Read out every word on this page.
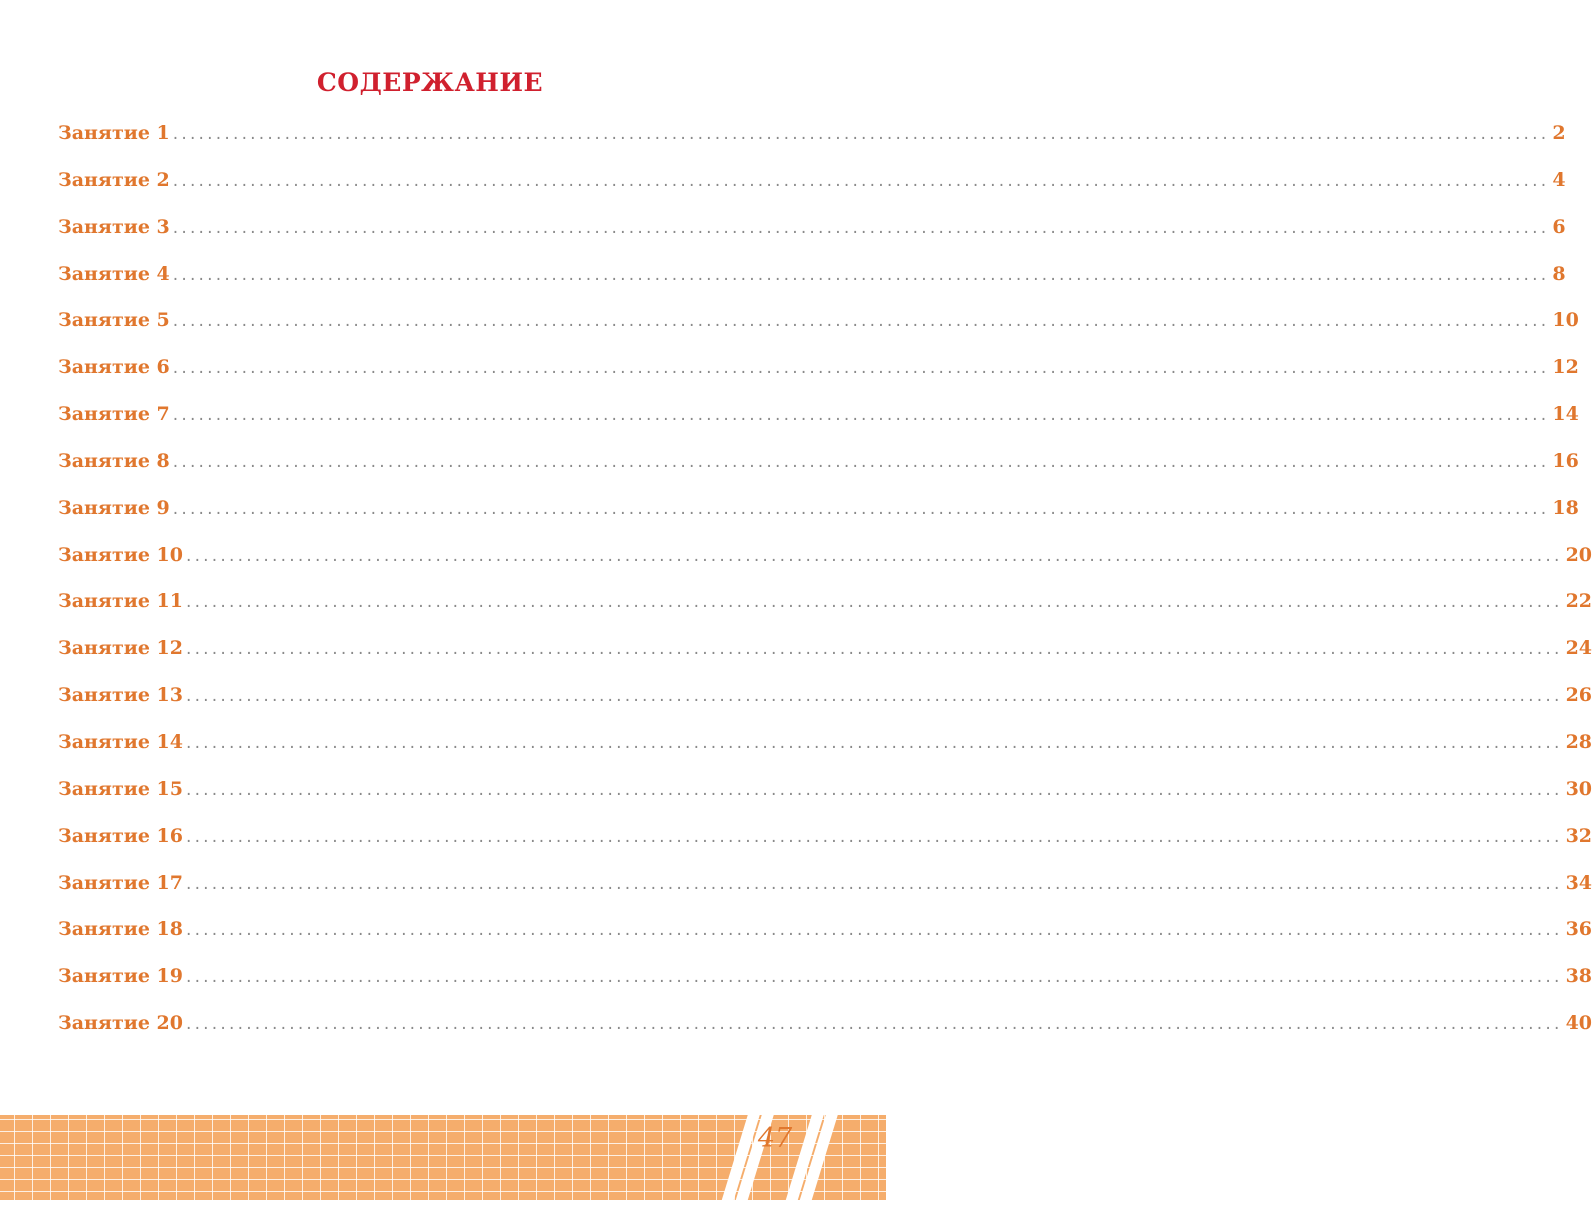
СОДЕРЖАНИЕ
Занятие 1 ................................................................................................................................................................ 2
Занятие 2 ................................................................................................................................................................ 4
Занятие 3 ................................................................................................................................................................ 6
Занятие 4 ................................................................................................................................................................ 8
Занятие 5 ................................................................................................................................................................ 10
Занятие 6 ................................................................................................................................................................ 12
Занятие 7 ................................................................................................................................................................ 14
Занятие 8 ................................................................................................................................................................ 16
Занятие 9 ................................................................................................................................................................ 18
Занятие 10 ................................................................................................................................................................ 20
Занятие 11 ................................................................................................................................................................ 22
Занятие 12 ................................................................................................................................................................ 24
Занятие 13 ................................................................................................................................................................ 26
Занятие 14 ................................................................................................................................................................ 28
Занятие 15 ................................................................................................................................................................ 30
Занятие 16 ................................................................................................................................................................ 32
Занятие 17 ................................................................................................................................................................ 34
Занятие 18 ................................................................................................................................................................ 36
Занятие 19 ................................................................................................................................................................ 38
Занятие 20 ................................................................................................................................................................ 40

47
